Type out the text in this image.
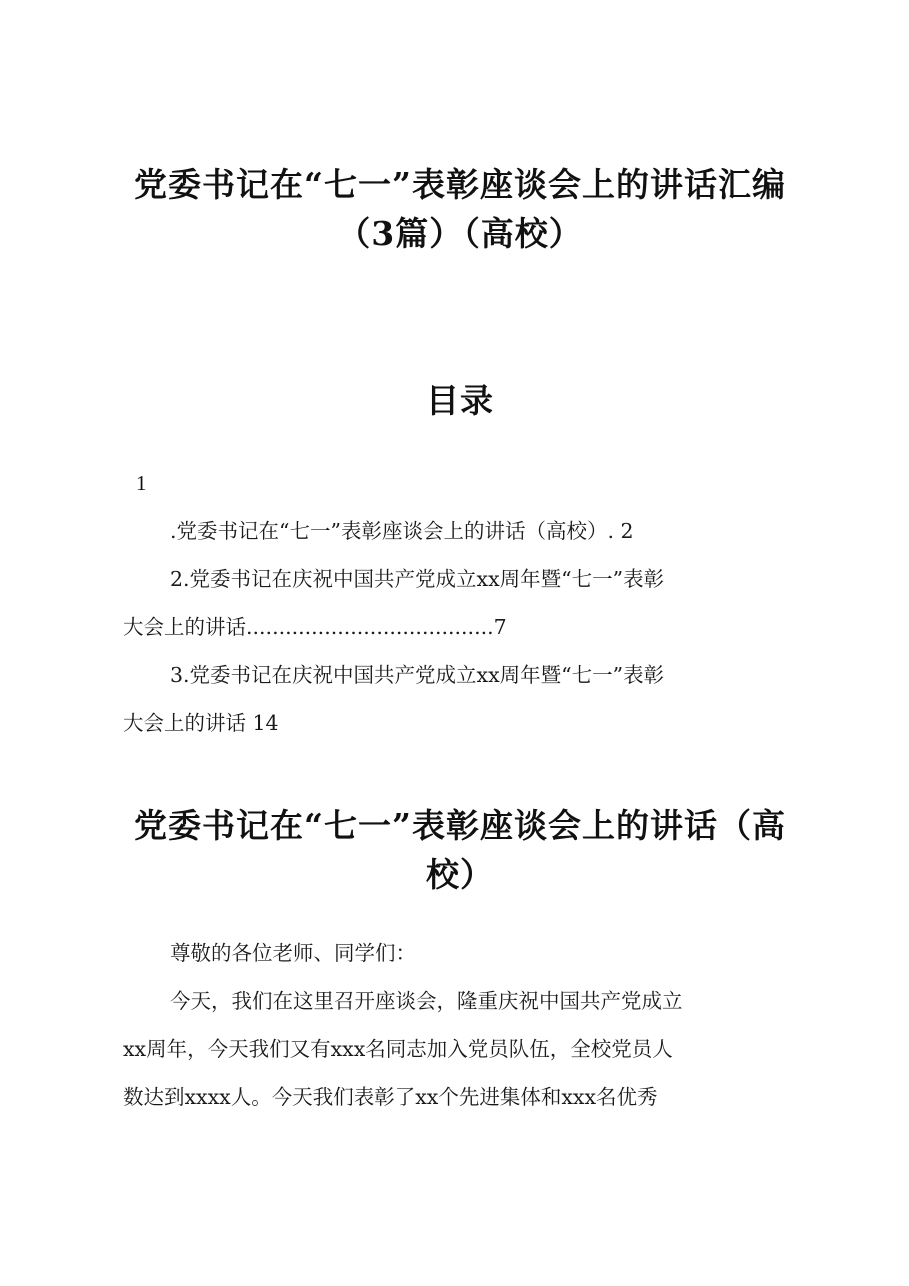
党委书记在“七一”表彰座谈会上的讲话汇编
（3篇）（高校）
目录
1
.党委书记在“七一”表彰座谈会上的讲话（高校）. 2
2.党委书记在庆祝中国共产党成立xx周年暨“七一”表彰
大会上的讲话......................................7
3.党委书记在庆祝中国共产党成立xx周年暨“七一”表彰
大会上的讲话 14
党委书记在“七一”表彰座谈会上的讲话（高
校）
尊敬的各位老师、同学们：
今天，我们在这里召开座谈会，隆重庆祝中国共产党成立
xx周年，今天我们又有xxx名同志加入党员队伍，全校党员人
数达到xxxx人。今天我们表彰了xx个先进集体和xxx名优秀
